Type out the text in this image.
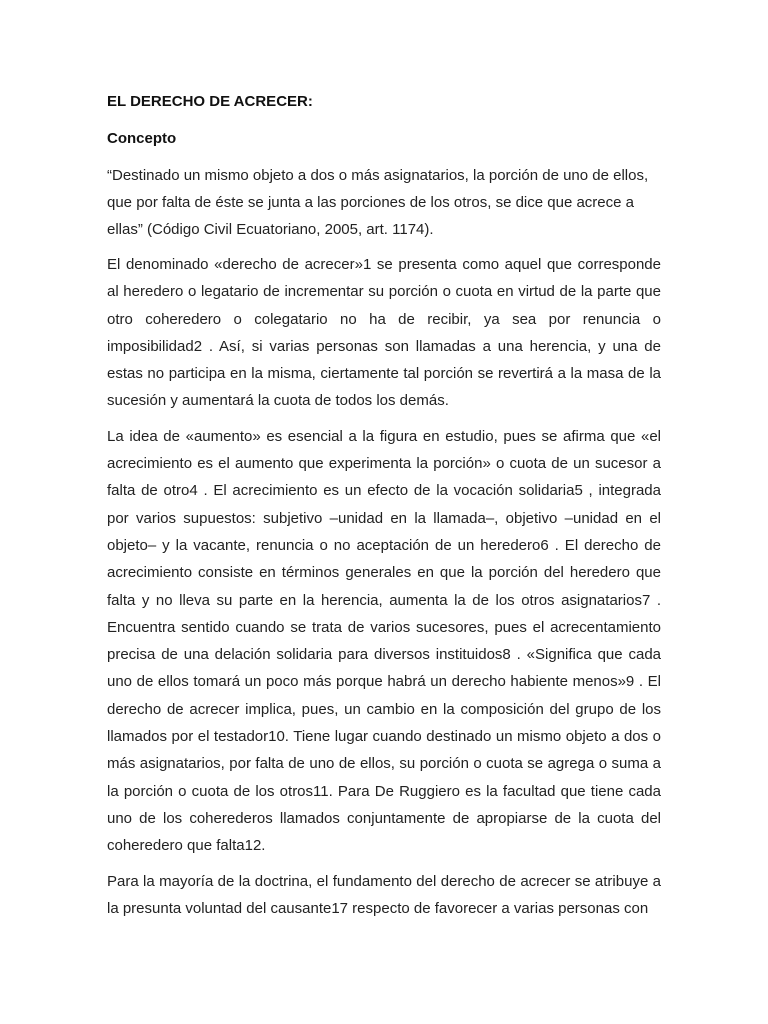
EL DERECHO DE ACRECER:
Concepto

“Destinado un mismo objeto a dos o más asignatarios, la porción de uno de ellos, que por falta de éste se junta a las porciones de los otros, se dice que acrece a ellas” (Código Civil Ecuatoriano, 2005, art. 1174).

El denominado «derecho de acrecer»1 se presenta como aquel que corresponde al heredero o legatario de incrementar su porción o cuota en virtud de la parte que otro coheredero o colegatario no ha de recibir, ya sea por renuncia o imposibilidad2 . Así, si varias personas son llamadas a una herencia, y una de estas no participa en la misma, ciertamente tal porción se revertirá a la masa de la sucesión y aumentará la cuota de todos los demás.

La idea de «aumento» es esencial a la figura en estudio, pues se afirma que «el acrecimiento es el aumento que experimenta la porción» o cuota de un sucesor a falta de otro4 . El acrecimiento es un efecto de la vocación solidaria5 , integrada por varios supuestos: subjetivo –unidad en la llamada–, objetivo –unidad en el objeto– y la vacante, renuncia o no aceptación de un heredero6 . El derecho de acrecimiento consiste en términos generales en que la porción del heredero que falta y no lleva su parte en la herencia, aumenta la de los otros asignatarios7 . Encuentra sentido cuando se trata de varios sucesores, pues el acrecentamiento precisa de una delación solidaria para diversos instituidos8 . «Significa que cada uno de ellos tomará un poco más porque habrá un derecho habiente menos»9 . El derecho de acrecer implica, pues, un cambio en la composición del grupo de los llamados por el testador10. Tiene lugar cuando destinado un mismo objeto a dos o más asignatarios, por falta de uno de ellos, su porción o cuota se agrega o suma a la porción o cuota de los otros11. Para De Ruggiero es la facultad que tiene cada uno de los coherederos llamados conjuntamente de apropiarse de la cuota del coheredero que falta12.

Para la mayoría de la doctrina, el fundamento del derecho de acrecer se atribuye a la presunta voluntad del causante17 respecto de favorecer a varias personas con
